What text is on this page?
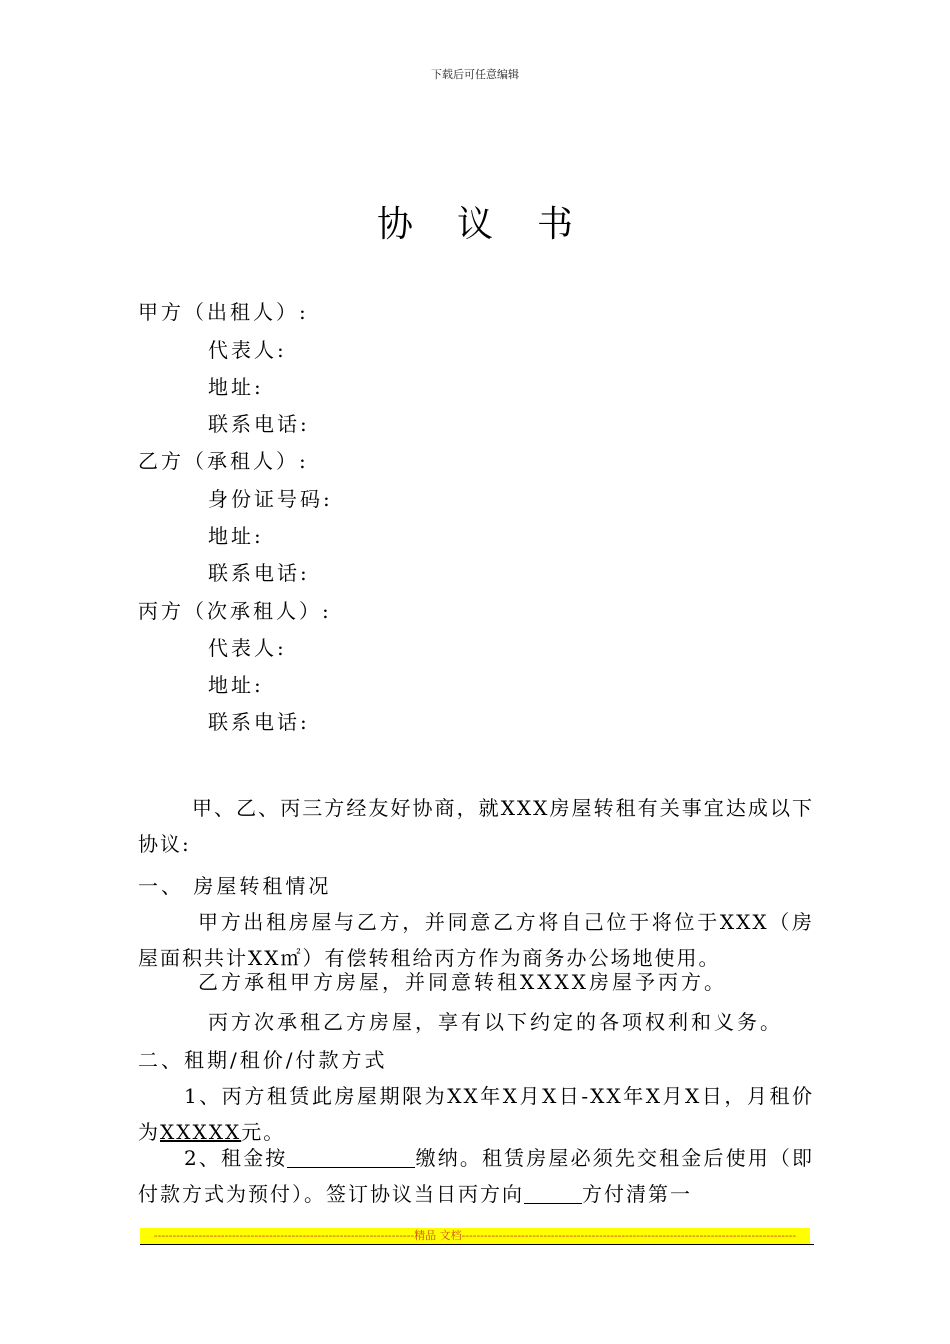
下载后可任意编辑
协议书
甲方（出租人）:
代表人:
地址:
联系电话:
乙方（承租人）:
身份证号码:
地址:
联系电话:
丙方（次承租人）:
代表人:
地址:
联系电话:
甲、乙、丙三方经友好协商，就XXX房屋转租有关事宜达成以下协议:
一、 房屋转租情况
甲方出租房屋与乙方，并同意乙方将自己位于将位于XXX（房屋面积共计XX㎡）有偿转租给丙方作为商务办公场地使用。
乙方承租甲方房屋，并同意转租XXXX房屋予丙方。
丙方次承租乙方房屋，享有以下约定的各项权利和义务。
二、租期/租价/付款方式
1、丙方租赁此房屋期限为XX年X月X日-XX年X月X日，月租价为XXXXX元。
2、租金按	缴纳。租赁房屋必须先交租金后使用（即付款方式为预付）。签订协议当日丙方向	方付清第一
----------------------------------------------------------------------精品 文档------------------------------------------------------------------------------------------
